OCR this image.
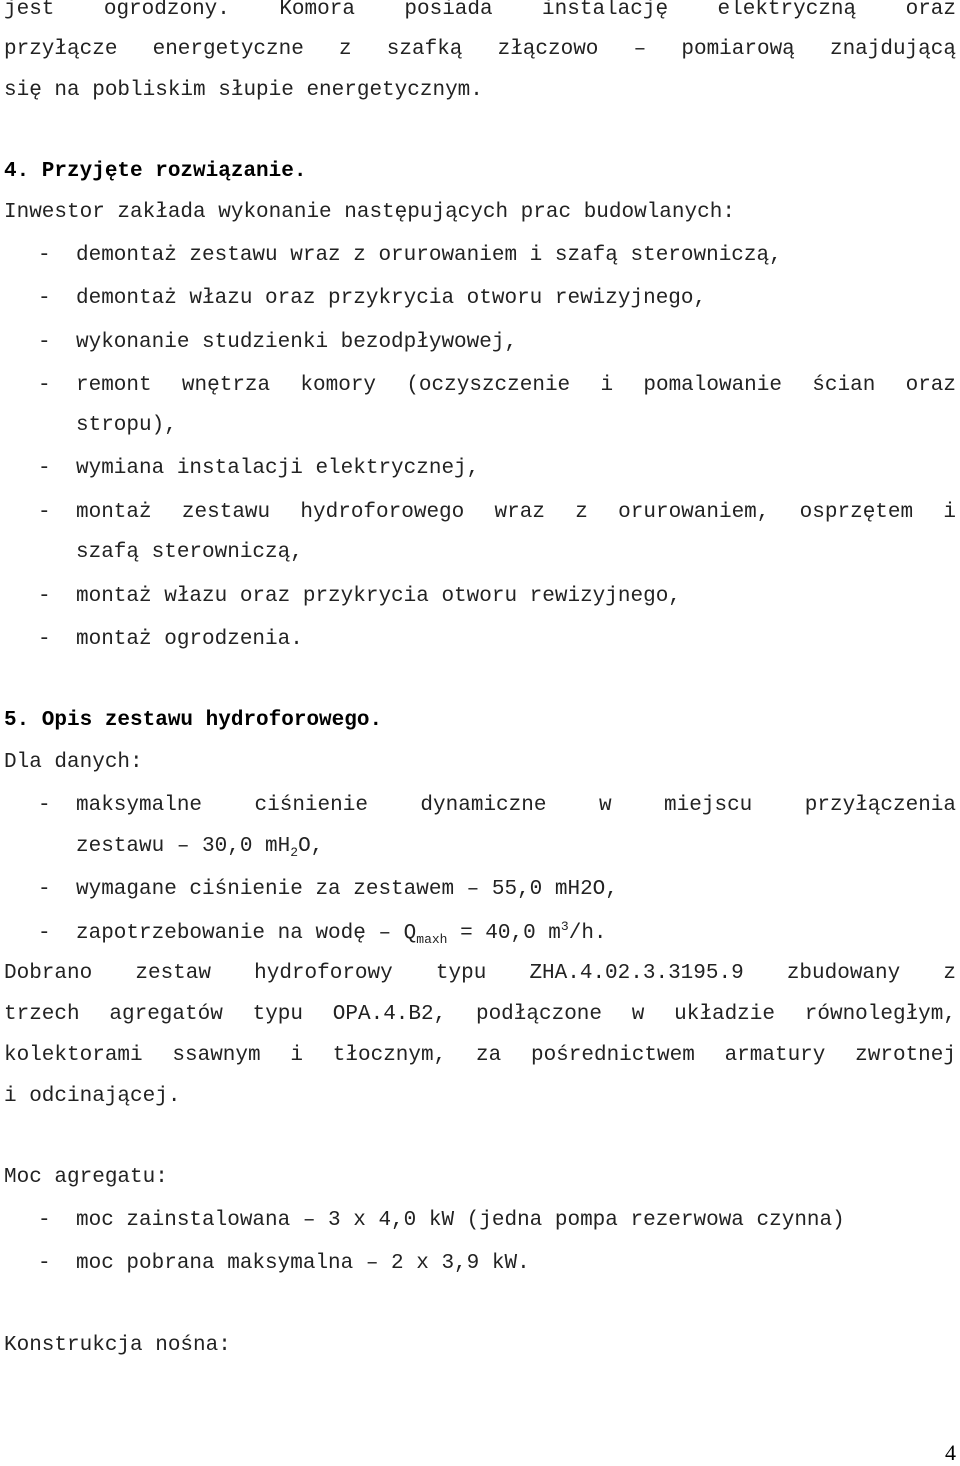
jest ogrodzony. Komora posiada instalację elektryczną oraz
przyłącze energetyczne z szafką złączowo – pomiarową znajdującą
się na pobliskim słupie energetycznym.
4. Przyjęte rozwiązanie.
Inwestor zakłada wykonanie następujących prac budowlanych:
- demontaż zestawu wraz z orurowaniem i szafą sterowniczą,
- demontaż włazu oraz przykrycia otworu rewizyjnego,
- wykonanie studzienki bezodpływowej,
- remont wnętrza komory (oczyszczenie i pomalowanie ścian oraz
stropu),
- wymiana instalacji elektrycznej,
- montaż zestawu hydroforowego wraz z orurowaniem, osprzętem i
szafą sterowniczą,
- montaż włazu oraz przykrycia otworu rewizyjnego,
- montaż ogrodzenia.
5. Opis zestawu hydroforowego.
Dla danych:
- maksymalne ciśnienie dynamiczne w miejscu przyłączenia
zestawu – 30,0 $mH_2O$,
- wymagane ciśnienie za zestawem – 55,0 mH2O,
- zapotrzebowanie na wodę – $Q_{maxh} = 40,0$ $m^3/h$.
Dobrano zestaw hydroforowy typu ZHA.4.02.3.3195.9 zbudowany z
trzech agregatów typu OPA.4.B2, podłączone w układzie równoległym,
kolektorami ssawnym i tłocznym, za pośrednictwem armatury zwrotnej
i odcinającej.
Moc agregatu:
- moc zainstalowana – 3 x 4,0 kW (jedna pompa rezerwowa czynna)
- moc pobrana maksymalna – 2 x 3,9 kW.
Konstrukcja nośna:
4
